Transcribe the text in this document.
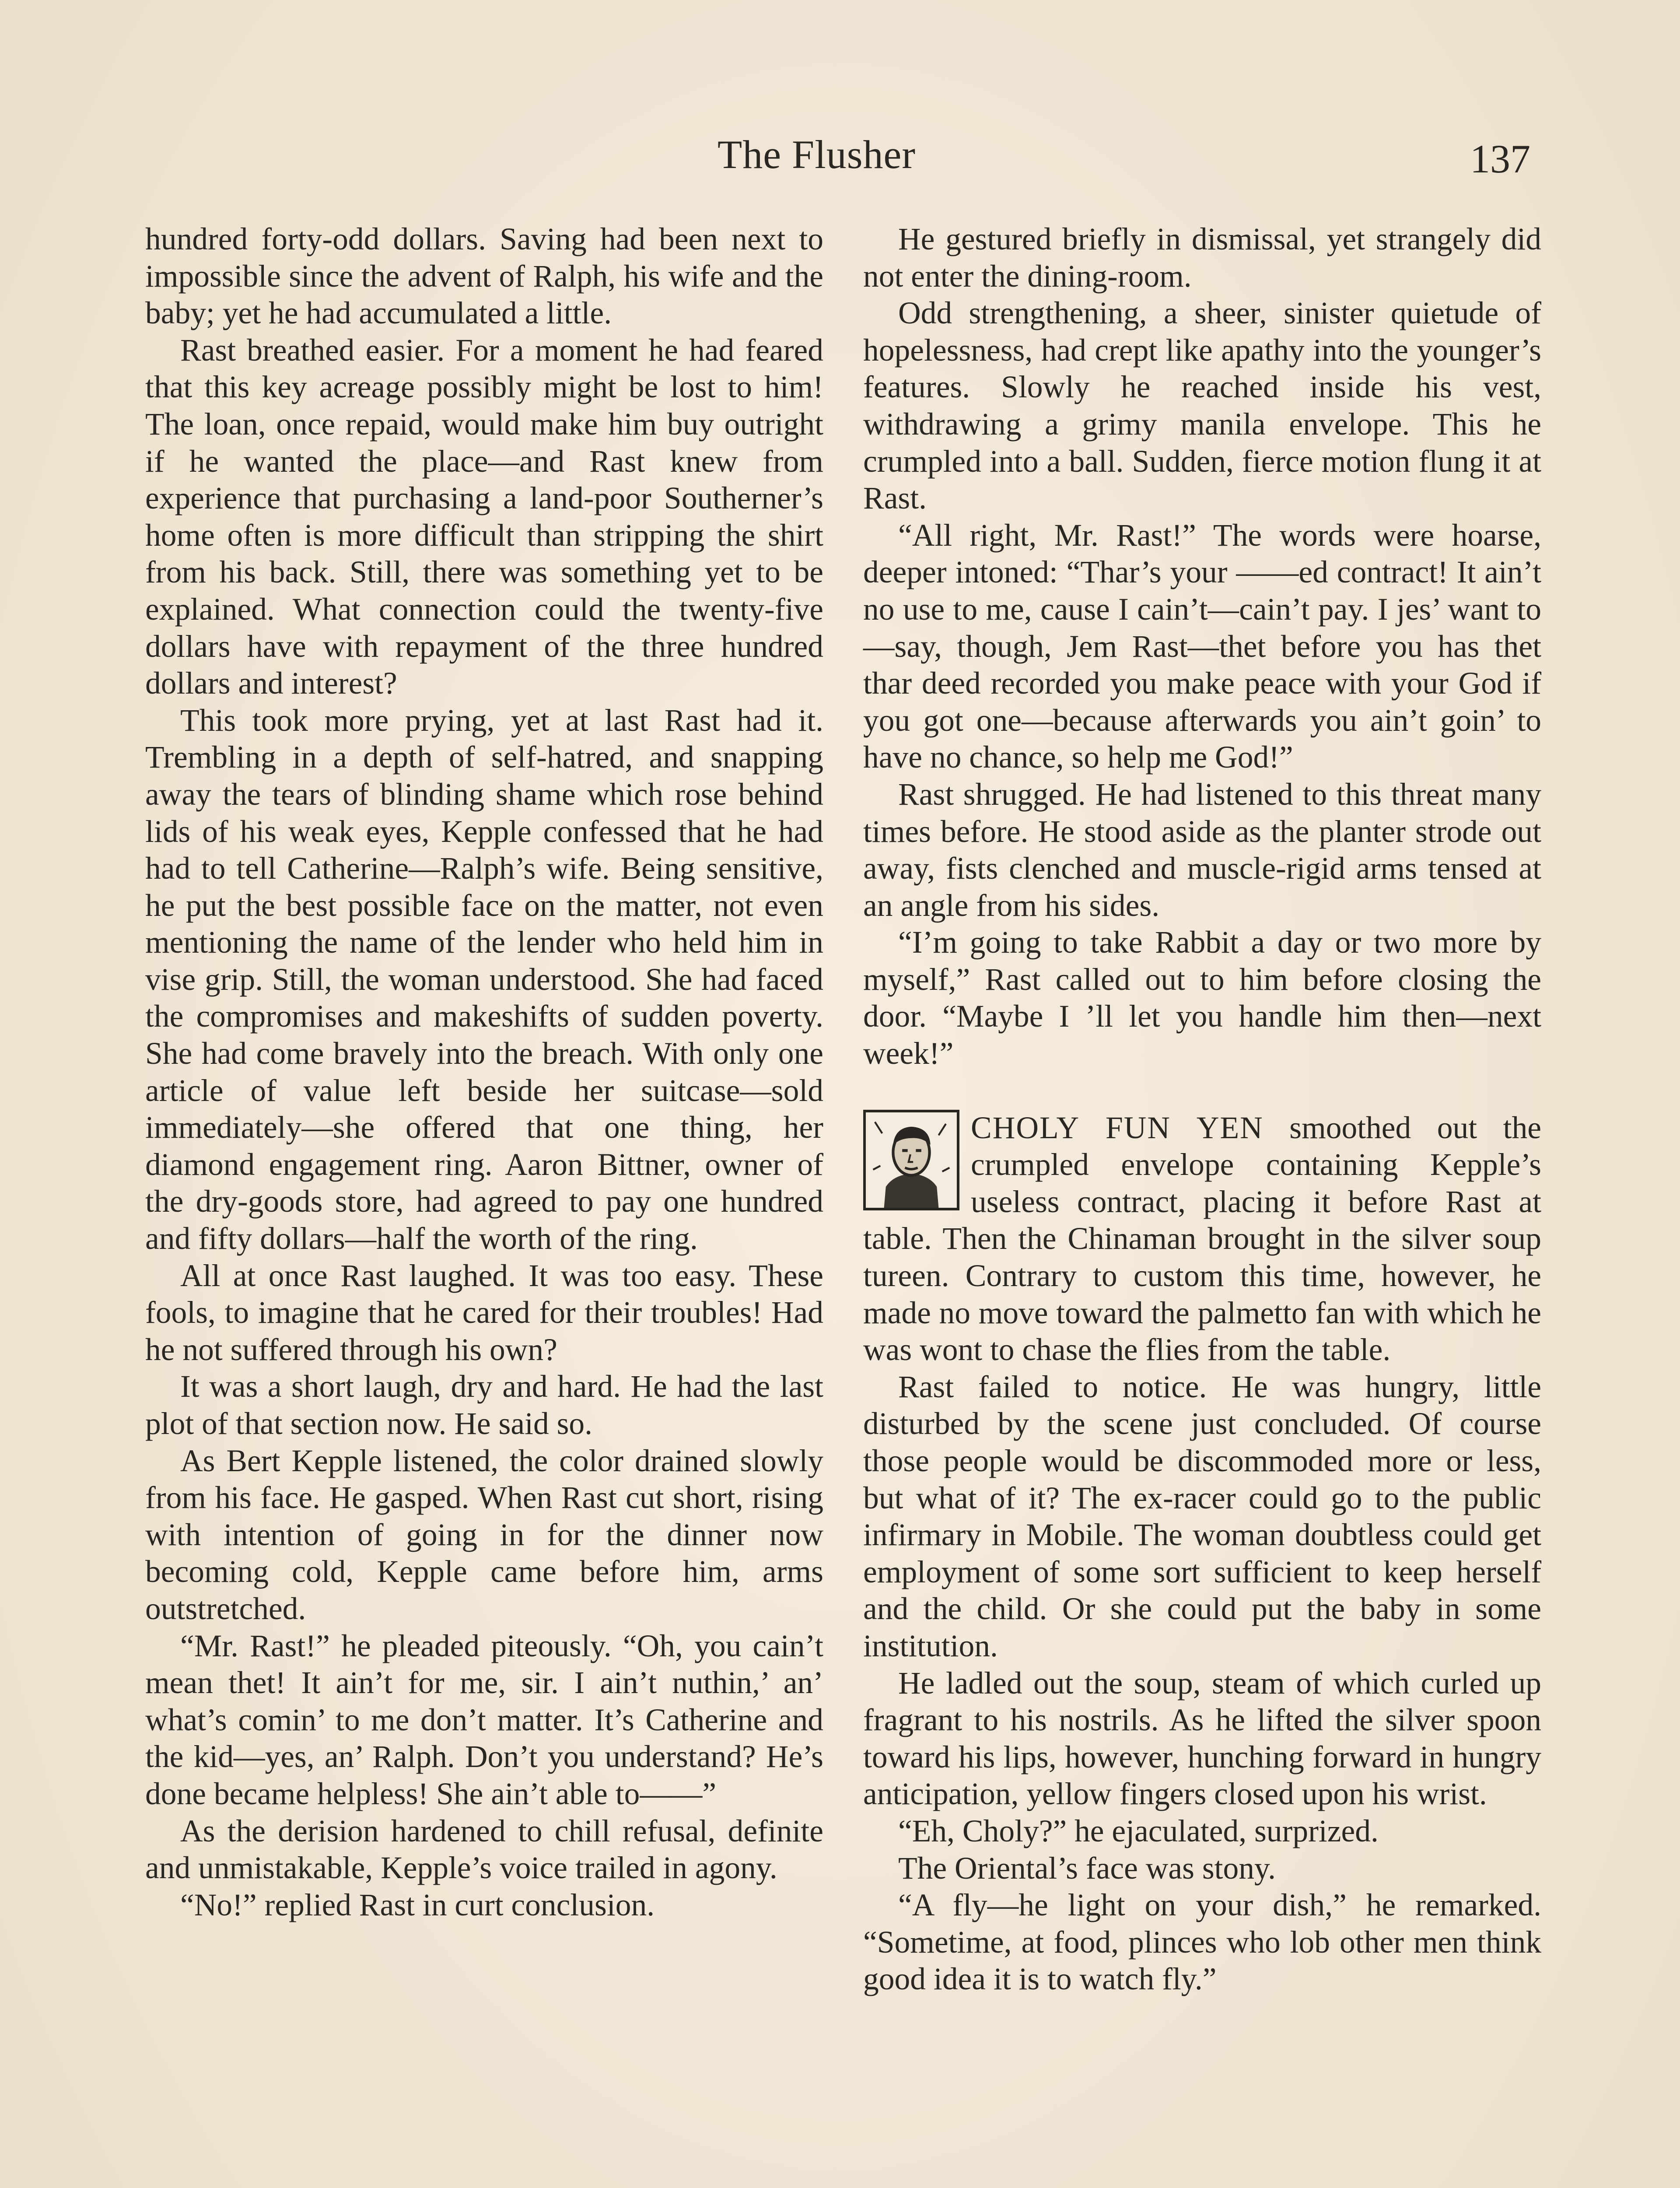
The Flusher	137

hundred forty-odd dollars. Saving had been next to impossible since the advent of Ralph, his wife and the baby; yet he had accumulated a little.

Rast breathed easier. For a moment he had feared that this key acreage possibly might be lost to him! The loan, once repaid, would make him buy outright if he wanted the place—and Rast knew from experience that purchasing a land-poor Southerner’s home often is more difficult than stripping the shirt from his back. Still, there was something yet to be explained. What connection could the twenty-five dollars have with repayment of the three hundred dollars and interest?

This took more prying, yet at last Rast had it. Trembling in a depth of self-hatred, and snapping away the tears of blinding shame which rose behind lids of his weak eyes, Kepple confessed that he had had to tell Catherine—Ralph’s wife. Being sensitive, he put the best possible face on the matter, not even mentioning the name of the lender who held him in vise grip. Still, the woman understood. She had faced the compromises and makeshifts of sudden poverty. She had come bravely into the breach. With only one article of value left beside her suitcase—sold immediately—she offered that one thing, her diamond engagement ring. Aaron Bittner, owner of the dry-goods store, had agreed to pay one hundred and fifty dollars—half the worth of the ring.

All at once Rast laughed. It was too easy. These fools, to imagine that he cared for their troubles! Had he not suffered through his own?

It was a short laugh, dry and hard. He had the last plot of that section now. He said so.

As Bert Kepple listened, the color drained slowly from his face. He gasped. When Rast cut short, rising with intention of going in for the dinner now becoming cold, Kepple came before him, arms outstretched.

“Mr. Rast!” he pleaded piteously. “Oh, you cain’t mean thet! It ain’t for me, sir. I ain’t nuthin,’ an’ what’s comin’ to me don’t matter. It’s Catherine and the kid—yes, an’ Ralph. Don’t you understand? He’s done became helpless! She ain’t able to——”

As the derision hardened to chill refusal, definite and unmistakable, Kepple’s voice trailed in agony.

“No!” replied Rast in curt conclusion.

He gestured briefly in dismissal, yet strangely did not enter the dining-room.

Odd strengthening, a sheer, sinister quietude of hopelessness, had crept like apathy into the younger’s features. Slowly he reached inside his vest, withdrawing a grimy manila envelope. This he crumpled into a ball. Sudden, fierce motion flung it at Rast.

“All right, Mr. Rast!” The words were hoarse, deeper intoned: “Thar’s your ——ed contract! It ain’t no use to me, cause I cain’t—cain’t pay. I jes’ want to—say, though, Jem Rast—thet before you has thet thar deed recorded you make peace with your God if you got one—because afterwards you ain’t goin’ to have no chance, so help me God!”

Rast shrugged. He had listened to this threat many times before. He stood aside as the planter strode out away, fists clenched and muscle-rigid arms tensed at an angle from his sides.

“I’m going to take Rabbit a day or two more by myself,” Rast called out to him before closing the door. “Maybe I ’ll let you handle him then—next week!”

CHOLY FUN YEN smoothed out the crumpled envelope containing Kepple’s useless contract, placing it before Rast at table. Then the Chinaman brought in the silver soup tureen. Contrary to custom this time, however, he made no move toward the palmetto fan with which he was wont to chase the flies from the table.

Rast failed to notice. He was hungry, little disturbed by the scene just concluded. Of course those people would be discommoded more or less, but what of it? The ex-racer could go to the public infirmary in Mobile. The woman doubtless could get employment of some sort sufficient to keep herself and the child. Or she could put the baby in some institution.

He ladled out the soup, steam of which curled up fragrant to his nostrils. As he lifted the silver spoon toward his lips, however, hunching forward in hungry anticipation, yellow fingers closed upon his wrist.

“Eh, Choly?” he ejaculated, surprized.

The Oriental’s face was stony.

“A fly—he light on your dish,” he remarked. “Sometime, at food, plinces who lob other men think good idea it is to watch fly.”
